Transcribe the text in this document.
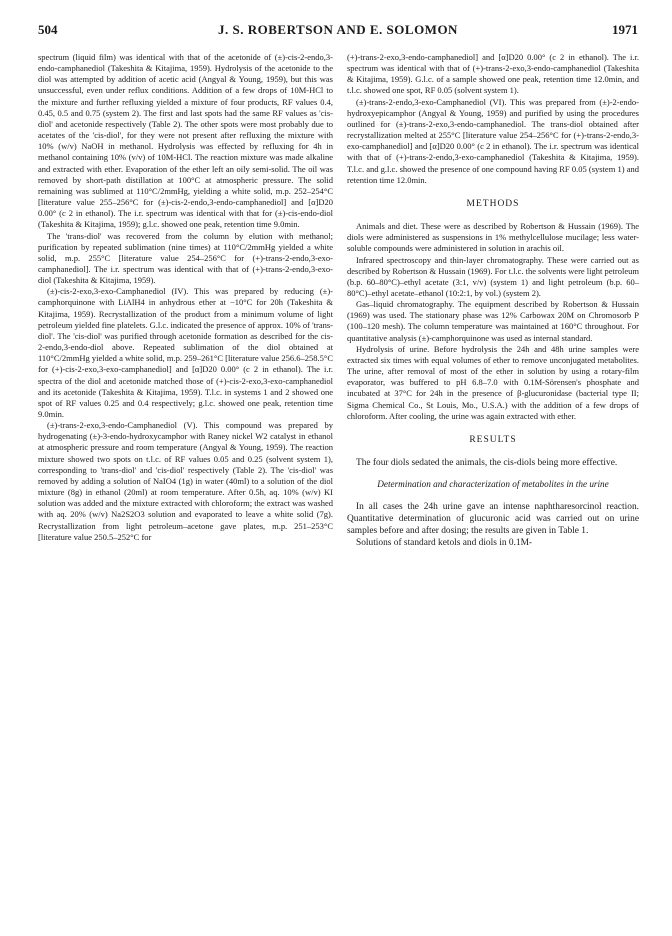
504	J. S. ROBERTSON AND E. SOLOMON	1971

spectrum (liquid film) was identical with that of the acetonide of (±)-cis-2-endo,3-endo-camphanediol (Takeshita & Kitajima, 1959). Hydrolysis of the acetonide to the diol was attempted by addition of acetic acid (Angyal & Young, 1959), but this was unsuccessful, even under reflux conditions. Addition of a few drops of 10M-HCl to the mixture and further refluxing yielded a mixture of four products, RF values 0.4, 0.45, 0.5 and 0.75 (system 2). The first and last spots had the same RF values as 'cis-diol' and acetonide respectively (Table 2). The other spots were most probably due to acetates of the 'cis-diol', for they were not present after refluxing the mixture with 10% (w/v) NaOH in methanol. Hydrolysis was effected by refluxing for 4h in methanol containing 10% (v/v) of 10M-HCl. The reaction mixture was made alkaline and extracted with ether. Evaporation of the ether left an oily semi-solid. The oil was removed by short-path distillation at 100°C at atmospheric pressure. The solid remaining was sublimed at 110°C/2mmHg, yielding a white solid, m.p. 252–254°C [literature value 255–256°C for (±)-cis-2-endo,3-endo-camphanediol] and [α]D20 0.00° (c 2 in ethanol). The i.r. spectrum was identical with that for (±)-cis-endo-diol (Takeshita & Kitajima, 1959); g.l.c. showed one peak, retention time 9.0min.

The 'trans-diol' was recovered from the column by elution with methanol; purification by repeated sublimation (nine times) at 110°C/2mmHg yielded a white solid, m.p. 255°C [literature value 254–256°C for (+)-trans-2-endo,3-exo-camphanediol]. The i.r. spectrum was identical with that of (+)-trans-2-endo,3-exo-diol (Takeshita & Kitajima, 1959).

(±)-cis-2-exo,3-exo-Camphanediol (IV). This was prepared by reducing (±)-camphorquinone with LiAlH4 in anhydrous ether at −10°C for 20h (Takeshita & Kitajima, 1959). Recrystallization of the product from a minimum volume of light petroleum yielded fine platelets. G.l.c. indicated the presence of approx. 10% of 'trans-diol'. The 'cis-diol' was purified through acetonide formation as described for the cis-2-endo,3-endo-diol above. Repeated sublimation of the diol obtained at 110°C/2mmHg yielded a white solid, m.p. 259–261°C [literature value 256.6–258.5°C for (+)-cis-2-exo,3-exo-camphanediol] and [α]D20 0.00° (c 2 in ethanol). The i.r. spectra of the diol and acetonide matched those of (+)-cis-2-exo,3-exo-camphanediol and its acetonide (Takeshita & Kitajima, 1959). T.l.c. in systems 1 and 2 showed one spot of RF values 0.25 and 0.4 respectively; g.l.c. showed one peak, retention time 9.0min.

(±)-trans-2-exo,3-endo-Camphanediol (V). This compound was prepared by hydrogenating (±)-3-endo-hydroxycamphor with Raney nickel W2 catalyst in ethanol at atmospheric pressure and room temperature (Angyal & Young, 1959). The reaction mixture showed two spots on t.l.c. of RF values 0.05 and 0.25 (solvent system 1), corresponding to 'trans-diol' and 'cis-diol' respectively (Table 2). The 'cis-diol' was removed by adding a solution of NaIO4 (1g) in water (40ml) to a solution of the diol mixture (8g) in ethanol (20ml) at room temperature. After 0.5h, aq. 10% (w/v) KI solution was added and the mixture extracted with chloroform; the extract was washed with aq. 20% (w/v) Na2S2O3 solution and evaporated to leave a white solid (7g). Recrystallization from light petroleum–acetone gave plates, m.p. 251–253°C [literature value 250.5–252°C for

(+)-trans-2-exo,3-endo-camphanediol] and [α]D20 0.00° (c 2 in ethanol). The i.r. spectrum was identical with that of (+)-trans-2-exo,3-endo-camphanediol (Takeshita & Kitajima, 1959). G.l.c. of a sample showed one peak, retention time 12.0min, and t.l.c. showed one spot, RF 0.05 (solvent system 1).

(±)-trans-2-endo,3-exo-Camphanediol (VI). This was prepared from (±)-2-endo-hydroxyepicamphor (Angyal & Young, 1959) and purified by using the procedures outlined for (±)-trans-2-exo,3-endo-camphanediol. The trans-diol obtained after recrystallization melted at 255°C [literature value 254–256°C for (+)-trans-2-endo,3-exo-camphanediol] and [α]D20 0.00° (c 2 in ethanol). The i.r. spectrum was identical with that of (+)-trans-2-endo,3-exo-camphanediol (Takeshita & Kitajima, 1959). T.l.c. and g.l.c. showed the presence of one compound having RF 0.05 (system 1) and retention time 12.0min.

METHODS

Animals and diet. These were as described by Robertson & Hussain (1969). The diols were administered as suspensions in 1% methylcellulose mucilage; less water-soluble compounds were administered in solution in arachis oil.

Infrared spectroscopy and thin-layer chromatography. These were carried out as described by Robertson & Hussain (1969). For t.l.c. the solvents were light petroleum (b.p. 60–80°C)–ethyl acetate (3:1, v/v) (system 1) and light petroleum (b.p. 60–80°C)–ethyl acetate–ethanol (10:2:1, by vol.) (system 2).

Gas–liquid chromatography. The equipment described by Robertson & Hussain (1969) was used. The stationary phase was 12% Carbowax 20M on Chromosorb P (100–120 mesh). The column temperature was maintained at 160°C throughout. For quantitative analysis (±)-camphorquinone was used as internal standard.

Hydrolysis of urine. Before hydrolysis the 24h and 48h urine samples were extracted six times with equal volumes of ether to remove unconjugated metabolites. The urine, after removal of most of the ether in solution by using a rotary-film evaporator, was buffered to pH 6.8–7.0 with 0.1M-Sörensen's phosphate and incubated at 37°C for 24h in the presence of β-glucuronidase (bacterial type II; Sigma Chemical Co., St Louis, Mo., U.S.A.) with the addition of a few drops of chloroform. After cooling, the urine was again extracted with ether.

RESULTS

The four diols sedated the animals, the cis-diols being more effective.

Determination and characterization of metabolites in the urine

In all cases the 24h urine gave an intense naphtharesorcinol reaction. Quantitative determination of glucuronic acid was carried out on urine samples before and after dosing; the results are given in Table 1.

Solutions of standard ketols and diols in 0.1M-
